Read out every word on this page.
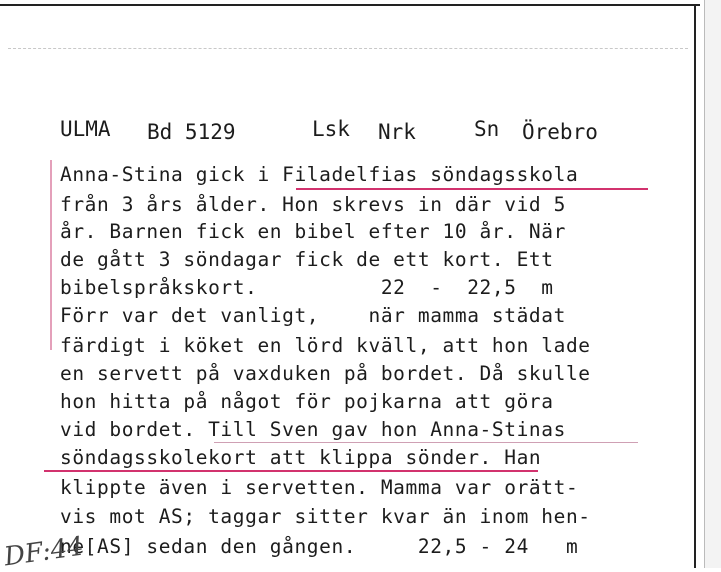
ULMA Bd 5129	Lsk Nrk	Sn Örebro
Anna-Stina gick i Filadelfias söndagsskola
från 3 års ålder. Hon skrevs in där vid 5
år. Barnen fick en bibel efter 10 år. När
de gått 3 söndagar fick de ett kort. Ett
bibelspråkskort.          22  -  22,5  m
Förr var det vanligt,    när mamma städat
färdigt i köket en lörd kväll, att hon lade
en servett på vaxduken på bordet. Då skulle
hon hitta på något för pojkarna att göra
vid bordet. Till Sven gav hon Anna-Stinas
söndagsskolekort att klippa sönder. Han
klippte även i servetten. Mamma var orätt-
vis mot AS; taggar sitter kvar än inom hen-
ne[AS] sedan den gången.     22,5 - 24   m
DF:44
